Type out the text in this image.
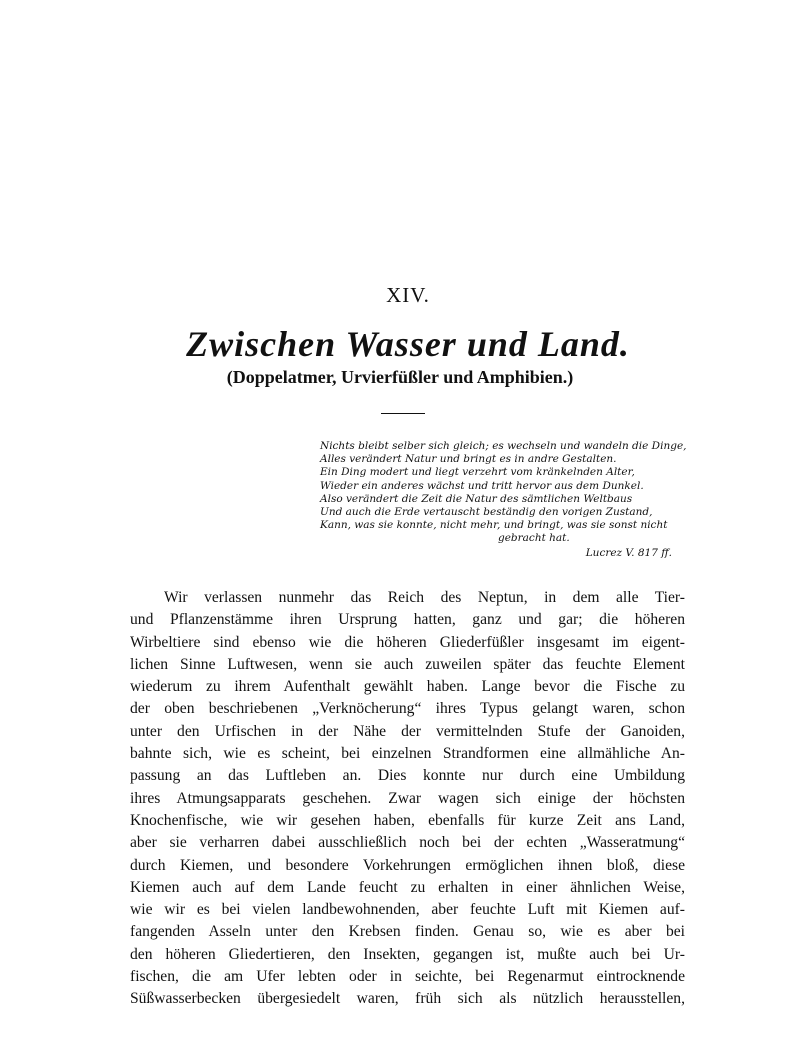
XIV.
Zwischen Wasser und Land.
(Doppelatmer, Urvierfüßler und Amphibien.)
Nichts bleibt selber sich gleich; es wechseln und wandeln die Dinge,
Alles verändert Natur und bringt es in andre Gestalten.
Ein Ding modert und liegt verzehrt vom kränkelnden Alter,
Wieder ein anderes wächst und tritt hervor aus dem Dunkel.
Also verändert die Zeit die Natur des sämtlichen Weltbaus
Und auch die Erde vertauscht beständig den vorigen Zustand,
Kann, was sie konnte, nicht mehr, und bringt, was sie sonst nicht
gebracht hat.
Lucrez V. 817 ff.
Wir verlassen nunmehr das Reich des Neptun, in dem alle Tier-
und Pflanzenstämme ihren Ursprung hatten, ganz und gar; die höheren
Wirbeltiere sind ebenso wie die höheren Gliederfüßler insgesamt im eigent-
lichen Sinne Luftwesen, wenn sie auch zuweilen später das feuchte Element
wiederum zu ihrem Aufenthalt gewählt haben. Lange bevor die Fische zu
der oben beschriebenen „Verknöcherung“ ihres Typus gelangt waren, schon
unter den Urfischen in der Nähe der vermittelnden Stufe der Ganoiden,
bahnte sich, wie es scheint, bei einzelnen Strandformen eine allmähliche An-
passung an das Luftleben an. Dies konnte nur durch eine Umbildung
ihres Atmungsapparats geschehen. Zwar wagen sich einige der höchsten
Knochenfische, wie wir gesehen haben, ebenfalls für kurze Zeit ans Land,
aber sie verharren dabei ausschließlich noch bei der echten „Wasseratmung“
durch Kiemen, und besondere Vorkehrungen ermöglichen ihnen bloß, diese
Kiemen auch auf dem Lande feucht zu erhalten in einer ähnlichen Weise,
wie wir es bei vielen landbewohnenden, aber feuchte Luft mit Kiemen auf-
fangenden Asseln unter den Krebsen finden. Genau so, wie es aber bei
den höheren Gliedertieren, den Insekten, gegangen ist, mußte auch bei Ur-
fischen, die am Ufer lebten oder in seichte, bei Regenarmut eintrocknende
Süßwasserbecken übergesiedelt waren, früh sich als nützlich herausstellen,
